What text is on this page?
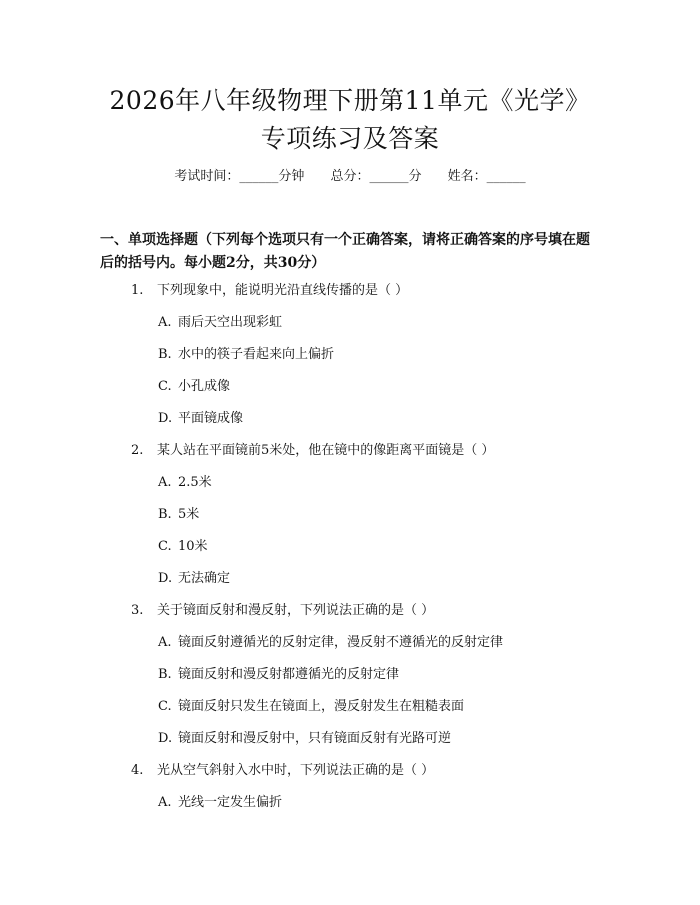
2026年八年级物理下册第11单元《光学》
专项练习及答案
考试时间：______分钟 总分：______分 姓名：______

一、单项选择题（下列每个选项只有一个正确答案，请将正确答案的序号填在题后的括号内。每小题2分，共30分）

1. 下列现象中，能说明光沿直线传播的是（ ）
A. 雨后天空出现彩虹
B. 水中的筷子看起来向上偏折
C. 小孔成像
D. 平面镜成像
2. 某人站在平面镜前5米处，他在镜中的像距离平面镜是（ ）
A. 2.5米
B. 5米
C. 10米
D. 无法确定
3. 关于镜面反射和漫反射，下列说法正确的是（ ）
A. 镜面反射遵循光的反射定律，漫反射不遵循光的反射定律
B. 镜面反射和漫反射都遵循光的反射定律
C. 镜面反射只发生在镜面上，漫反射发生在粗糙表面
D. 镜面反射和漫反射中，只有镜面反射有光路可逆
4. 光从空气斜射入水中时，下列说法正确的是（ ）
A. 光线一定发生偏折
